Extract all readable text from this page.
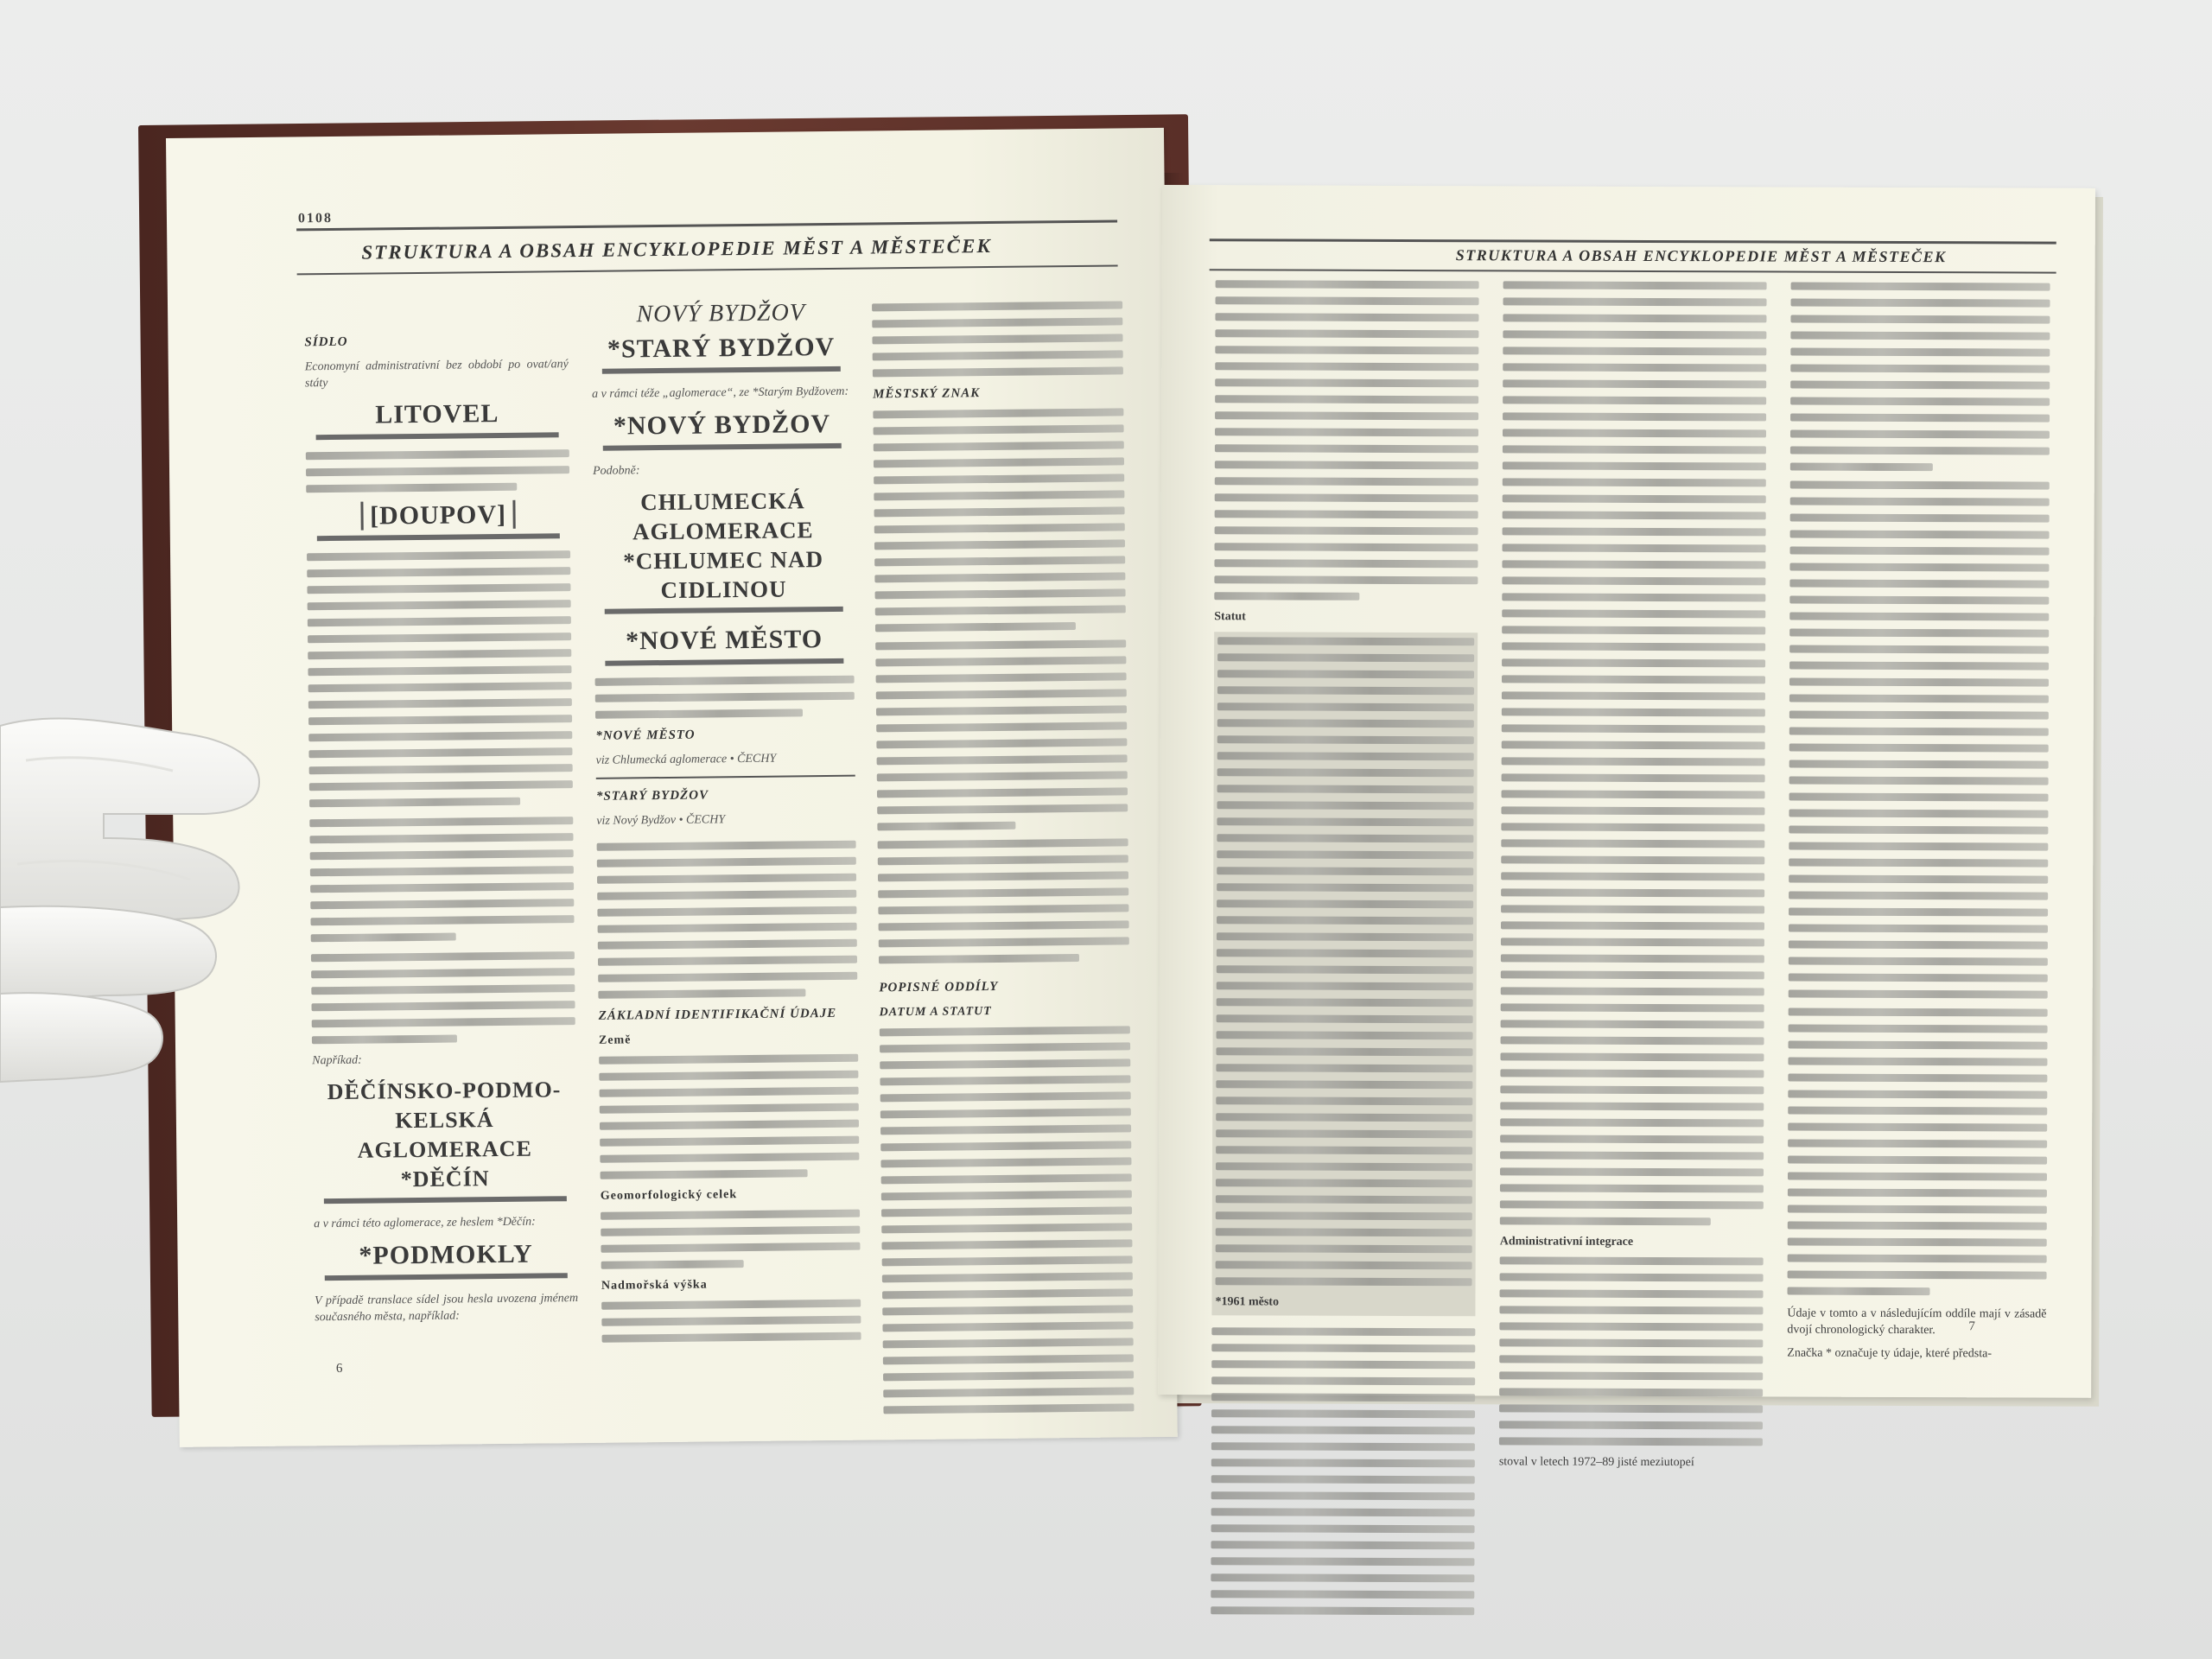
0108
STRUKTURA A OBSAH ENCYKLOPEDIE MĚST A MĚSTEČEK
SÍDLO
Economyní administrativní bez období po ovat/aný státy
LITOVEL
[DOUPOV]
Napříkad:
DĚČÍNSKO-PODMO-KELSKÁ AGLOMERACE *DĚČÍN
a v rámci této aglomerace, ze heslem *Děčín:
*PODMOKLY
V případě translace sídel jsou hesla uvozena jménem současného města, například:
NOVÝ BYDŽOV
*STARÝ BYDŽOV
a v rámci téže „aglomerace“, ze *Starým Bydžovem:
*NOVÝ BYDŽOV
Podobně:
CHLUMECKÁ AGLOMERACE *CHLUMEC NAD CIDLINOU
*NOVÉ MĚSTO
*NOVÉ MĚSTO
viz Chlumecká aglomerace • ČECHY
*STARÝ BYDŽOV
viz Nový Bydžov • ČECHY
ZÁKLADNÍ IDENTIFIKAČNÍ ÚDAJE
Země
Geomorfologický celek
Nadmořská výška
MĚSTSKÝ ZNAK
POPISNÉ ODDÍLY
DATUM A STATUT
6
STRUKTURA A OBSAH ENCYKLOPEDIE MĚST A MĚSTEČEK
Statut
*1961 město
Administrativní integrace
stoval v letech 1972–89 jisté meziutopeí
Údaje v tomto a v následujícím oddíle mají v zásadě dvojí chronologický charakter.
Značka * označuje ty údaje, které předsta-
7
